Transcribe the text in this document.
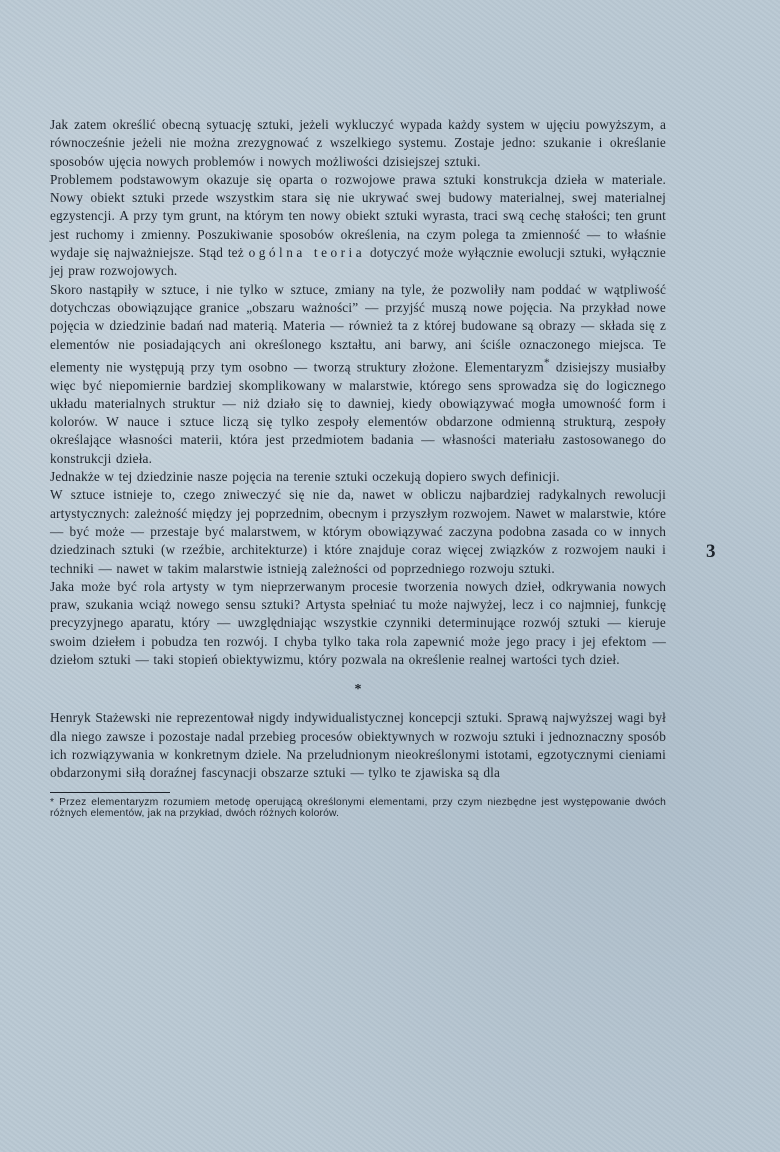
Jak zatem określić obecną sytuację sztuki, jeżeli wykluczyć wypada każdy system w ujęciu powyższym, a równocześnie jeżeli nie można zrezygnować z wszelkiego systemu. Zostaje jedno: szukanie i określanie sposobów ujęcia nowych problemów i nowych możliwości dzisiejszej sztuki.

Problemem podstawowym okazuje się oparta o rozwojowe prawa sztuki konstrukcja dzieła w materiale. Nowy obiekt sztuki przede wszystkim stara się nie ukrywać swej budowy materialnej, swej materialnej egzystencji. A przy tym grunt, na którym ten nowy obiekt sztuki wyrasta, traci swą cechę stałości; ten grunt jest ruchomy i zmienny. Poszukiwanie sposobów określenia, na czym polega ta zmienność — to właśnie wydaje się najważniejsze. Stąd też ogólna teoria dotyczyć może wyłącznie ewolucji sztuki, wyłącznie jej praw rozwojowych.

Skoro nastąpiły w sztuce, i nie tylko w sztuce, zmiany na tyle, że pozwoliły nam poddać w wątpliwość dotychczas obowiązujące granice „obszaru ważności” — przyjść muszą nowe pojęcia. Na przykład nowe pojęcia w dziedzinie badań nad materią. Materia — również ta z której budowane są obrazy — składa się z elementów nie posiadających ani określonego kształtu, ani barwy, ani ściśle oznaczonego miejsca. Te elementy nie występują przy tym osobno — tworzą struktury złożone. Elementaryzm* dzisiejszy musiałby więc być niepomiernie bardziej skomplikowany w malarstwie, którego sens sprowadza się do logicznego układu materialnych struktur — niż działo się to dawniej, kiedy obowiązywać mogła umowność form i kolorów. W nauce i sztuce liczą się tylko zespoły elementów obdarzone odmienną strukturą, zespoły określające własności materii, która jest przedmiotem badania — własności materiału zastosowanego do konstrukcji dzieła.

Jednakże w tej dziedzinie nasze pojęcia na terenie sztuki oczekują dopiero swych definicji.

W sztuce istnieje to, czego zniweczyć się nie da, nawet w obliczu najbardziej radykalnych rewolucji artystycznych: zależność między jej poprzednim, obecnym i przyszłym rozwojem. Nawet w malarstwie, które — być może — przestaje być malarstwem, w którym obowiązywać zaczyna podobna zasada co w innych dziedzinach sztuki (w rzeźbie, architekturze) i które znajduje coraz więcej związków z rozwojem nauki i techniki — nawet w takim malarstwie istnieją zależności od poprzedniego rozwoju sztuki.

Jaka może być rola artysty w tym nieprzerwanym procesie tworzenia nowych dzieł, odkrywania nowych praw, szukania wciąż nowego sensu sztuki? Artysta spełniać tu może najwyżej, lecz i co najmniej, funkcję precyzyjnego aparatu, który — uwzględniając wszystkie czynniki determinujące rozwój sztuki — kieruje swoim dziełem i pobudza ten rozwój. I chyba tylko taka rola zapewnić może jego pracy i jej efektom — dziełom sztuki — taki stopień obiektywizmu, który pozwala na określenie realnej wartości tych dzieł.

*

Henryk Stażewski nie reprezentował nigdy indywidualistycznej koncepcji sztuki. Sprawą najwyższej wagi był dla niego zawsze i pozostaje nadal przebieg procesów obiektywnych w rozwoju sztuki i jednoznaczny sposób ich rozwiązywania w konkretnym dziele. Na przeludnionym nieokreślonymi istotami, egzotycznymi cieniami obdarzonymi siłą doraźnej fascynacji obszarze sztuki — tylko te zjawiska są dla

* Przez elementaryzm rozumiem metodę operującą określonymi elementami, przy czym niezbędne jest występowanie dwóch różnych elementów, jak na przykład, dwóch różnych kolorów.
3
